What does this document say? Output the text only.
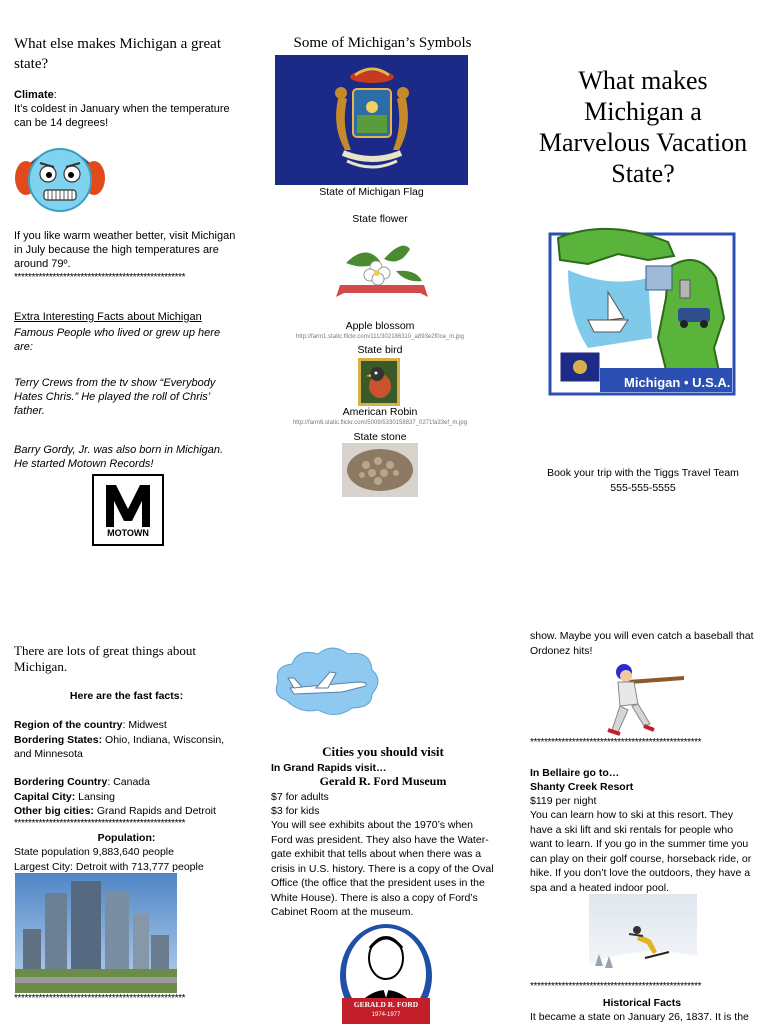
What else makes Michigan a great state?

Climate:

It’s coldest in January when the temperature can be 14 degrees!

If you like warm weather better, visit Michigan in July because the high temperatures are around 79º.
*************************************************
Extra Interesting Facts about Michigan
Famous People who lived or grew up here are:
Terry Crews from the tv show “Everybody Hates Chris.” He played the roll of Chris’ father.
Barry Gordy, Jr. was also born in Michigan. He started Motown Records!
MOTOWN
Some of Michigan’s Symbols
State of Michigan Flag
State flower
Apple blossom
http://farm1.static.flickr.com/111/302186310_a893e2f0ce_m.jpg
State bird
American Robin
http://farm6.static.flickr.com/5009/5330158837_0271fa33ef_m.jpg
State stone
What makes Michigan a Marvelous Vacation State?
Michigan • U.S.A.
Book your trip with the Tiggs Travel Team
555-555-5555
There are lots of great things about Michigan.
Here are the fast facts:

Region of the country: Midwest

Bordering States: Ohio, Indiana, Wisconsin, and Minnesota

Bordering Country: Canada

Capital City: Lansing

Other big cities: Grand Rapids and Detroit

*************************************************
Population:
State population 9,883,640 people
Largest City: Detroit with 713,777 people
*************************************************
Cities you should visit
In Grand Rapids visit…
Gerald R. Ford Museum
$7 for adults
$3 for kids
You will see exhibits about the 1970’s when Ford was president. They also have the Water-gate exhibit that tells about when there was a crisis in U.S. history. There is a copy of the Oval Office (the office that the president uses in the White House). There is also a copy of Ford’s Cabinet Room at the museum.
GERALD R. FORD
1974-1977
show. Maybe you will even catch a baseball that Ordonez hits!
*************************************************
In Bellaire go to…
Shanty Creek Resort
$119 per night
You can learn how to ski at this resort. They have a ski lift and ski rentals for people who want to learn. If you go in the summer time you can play on their golf course, horseback ride, or hike. If you don’t love the outdoors, they have a spa and a heated indoor pool.
*************************************************
Historical Facts
It became a state on January 26, 1837. It is the
